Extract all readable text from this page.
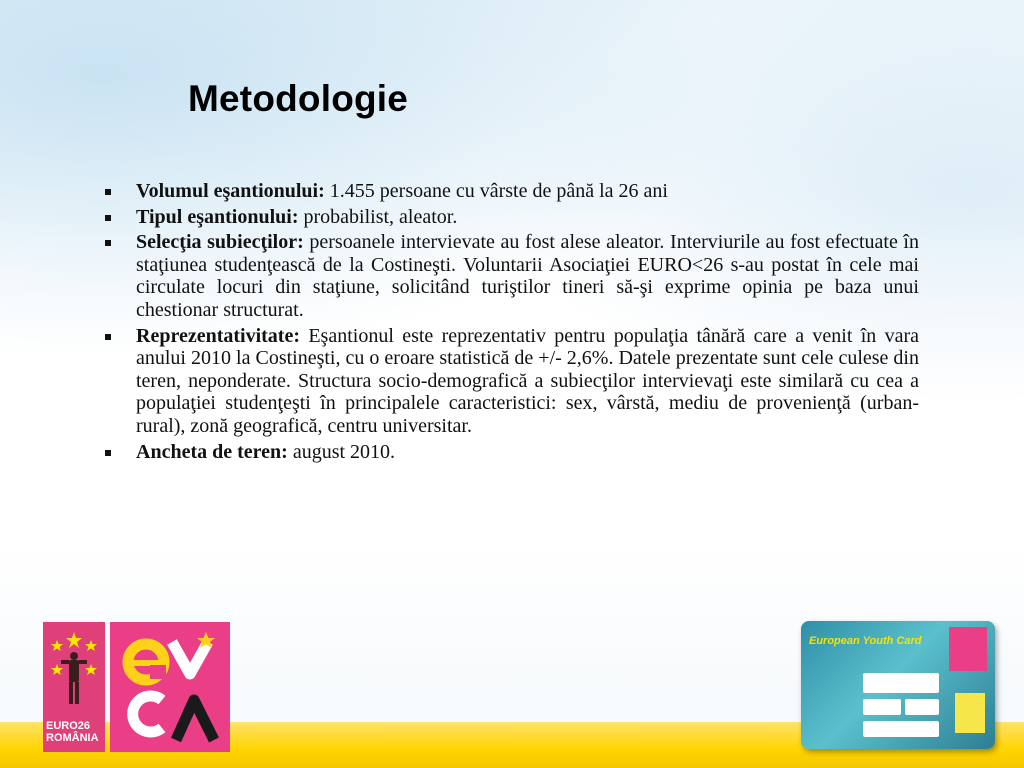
Metodologie
Volumul eşantionului: 1.455 persoane cu vârste de până la 26 ani
Tipul eşantionului: probabilist, aleator.
Selecţia subiecţilor: persoanele intervievate au fost alese aleator. Interviurile au fost efectuate în staţiunea studenţească de la Costineşti. Voluntarii Asociaţiei EURO<26 s-au postat în cele mai circulate locuri din staţiune, solicitând turiştilor tineri să-şi exprime opinia pe baza unui chestionar structurat.
Reprezentativitate: Eşantionul este reprezentativ pentru populaţia tânără care a venit în vara anului 2010 la Costineşti, cu o eroare statistică de +/- 2,6%. Datele prezentate sunt cele culese din teren, neponderate. Structura socio-demografică a subiecţilor intervievaţi este similară cu cea a populaţiei studenţeşti în principalele caracteristici: sex, vârstă, mediu de provenienţă (urban-rural), zonă geografică, centru universitar.
Ancheta de teren: august 2010.
EURO26
ROMÂNIA
European Youth Card
